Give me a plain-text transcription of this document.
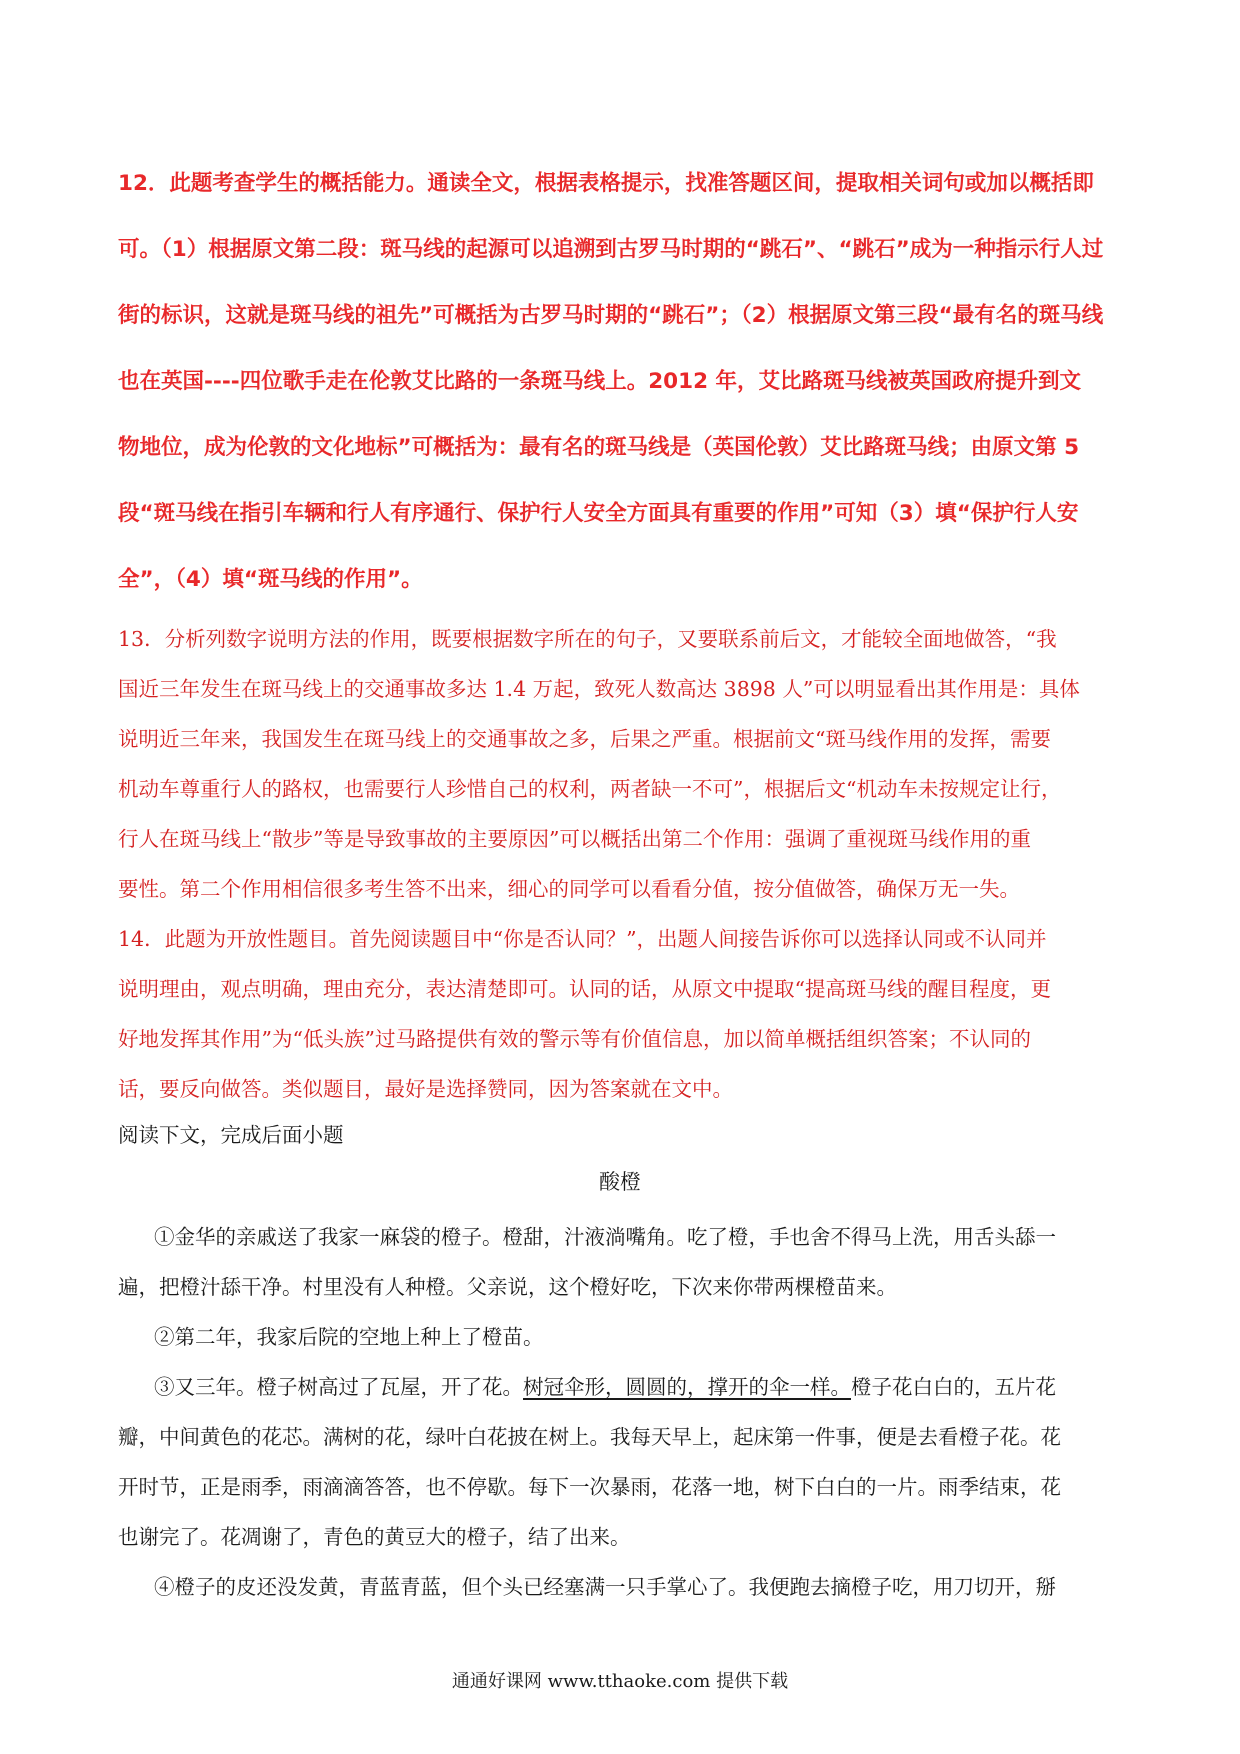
12．此题考查学生的概括能力。通读全文，根据表格提示，找准答题区间，提取相关词句或加以概括即
可。（1）根据原文第二段：斑马线的起源可以追溯到古罗马时期的“跳石”、“跳石”成为一种指示行人过
街的标识，这就是斑马线的祖先”可概括为古罗马时期的“跳石”；（2）根据原文第三段“最有名的斑马线
也在英国----四位歌手走在伦敦艾比路的一条斑马线上。2012 年，艾比路斑马线被英国政府提升到文
物地位，成为伦敦的文化地标”可概括为：最有名的斑马线是（英国伦敦）艾比路斑马线；由原文第 5
段“斑马线在指引车辆和行人有序通行、保护行人安全方面具有重要的作用”可知（3）填“保护行人安
全”，（4）填“斑马线的作用”。
13．分析列数字说明方法的作用，既要根据数字所在的句子，又要联系前后文，才能较全面地做答，“我
国近三年发生在斑马线上的交通事故多达 1.4 万起，致死人数高达 3898 人”可以明显看出其作用是：具体
说明近三年来，我国发生在斑马线上的交通事故之多，后果之严重。根据前文“斑马线作用的发挥，需要
机动车尊重行人的路权，也需要行人珍惜自己的权利，两者缺一不可”，根据后文“机动车未按规定让行，
行人在斑马线上“散步”等是导致事故的主要原因”可以概括出第二个作用：强调了重视斑马线作用的重
要性。第二个作用相信很多考生答不出来，细心的同学可以看看分值，按分值做答，确保万无一失。
14．此题为开放性题目。首先阅读题目中“你是否认同？”，出题人间接告诉你可以选择认同或不认同并
说明理由，观点明确，理由充分，表达清楚即可。认同的话，从原文中提取“提高斑马线的醒目程度，更
好地发挥其作用”为“低头族”过马路提供有效的警示等有价值信息，加以简单概括组织答案；不认同的
话，要反向做答。类似题目，最好是选择赞同，因为答案就在文中。
阅读下文，完成后面小题
酸橙
①金华的亲戚送了我家一麻袋的橙子。橙甜，汁液淌嘴角。吃了橙，手也舍不得马上洗，用舌头舔一
遍，把橙汁舔干净。村里没有人种橙。父亲说，这个橙好吃，下次来你带两棵橙苗来。
②第二年，我家后院的空地上种上了橙苗。
③又三年。橙子树高过了瓦屋，开了花。树冠伞形，圆圆的，撑开的伞一样。橙子花白白的，五片花
瓣，中间黄色的花芯。满树的花，绿叶白花披在树上。我每天早上，起床第一件事，便是去看橙子花。花
开时节，正是雨季，雨滴滴答答，也不停歇。每下一次暴雨，花落一地，树下白白的一片。雨季结束，花
也谢完了。花凋谢了，青色的黄豆大的橙子，结了出来。
④橙子的皮还没发黄，青蓝青蓝，但个头已经塞满一只手掌心了。我便跑去摘橙子吃，用刀切开，掰
通通好课网 www.tthaoke.com 提供下载
